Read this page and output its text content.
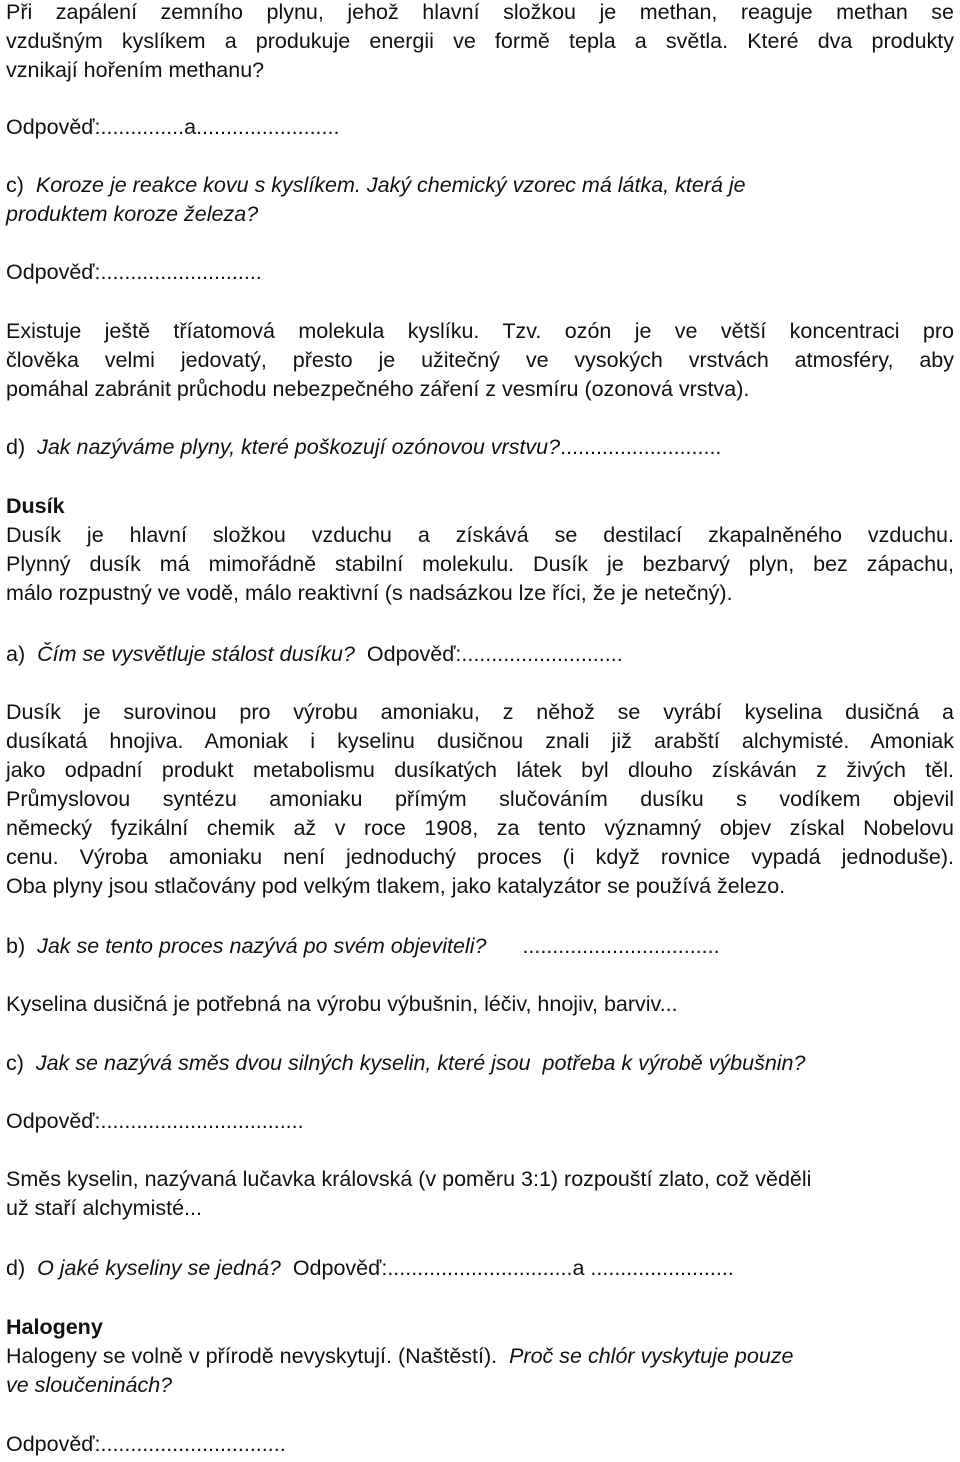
Při zapálení zemního plynu, jehož hlavní složkou je methan, reaguje methan se
vzdušným kyslíkem a produkuje energii ve formě tepla a světla. Které dva produkty
vznikají hořením methanu?
Odpověď:..............a........................
c) Koroze je reakce kovu s kyslíkem. Jaký chemický vzorec má látka, která je
produktem koroze železa?
Odpověď:...........................
Existuje ještě tříatomová molekula kyslíku. Tzv. ozón je ve větší koncentraci pro
člověka velmi jedovatý, přesto je užitečný ve vysokých vrstvách atmosféry, aby
pomáhal zabránit průchodu nebezpečného záření z vesmíru (ozonová vrstva).
d) Jak nazýváme plyny, které poškozují ozónovou vrstvu?...........................
Dusík
Dusík je hlavní složkou vzduchu a získává se destilací zkapalněného vzduchu.
Plynný dusík má mimořádně stabilní molekulu. Dusík je bezbarvý plyn, bez zápachu,
málo rozpustný ve vodě, málo reaktivní (s nadsázkou lze říci, že je netečný).
a) Čím se vysvětluje stálost dusíku? Odpověď:...........................
Dusík je surovinou pro výrobu amoniaku, z něhož se vyrábí kyselina dusičná a
dusíkatá hnojiva. Amoniak i kyselinu dusičnou znali již arabští alchymisté. Amoniak
jako odpadní produkt metabolismu dusíkatých látek byl dlouho získáván z živých těl.
Průmyslovou syntézu amoniaku přímým slučováním dusíku s vodíkem objevil
německý fyzikální chemik až v roce 1908, za tento významný objev získal Nobelovu
cenu. Výroba amoniaku není jednoduchý proces (i když rovnice vypadá jednoduše).
Oba plyny jsou stlačovány pod velkým tlakem, jako katalyzátor se používá železo.
b) Jak se tento proces nazývá po svém objeviteli? .................................
Kyselina dusičná je potřebná na výrobu výbušnin, léčiv, hnojiv, barviv...
c) Jak se nazývá směs dvou silných kyselin, které jsou  potřeba k výrobě výbušnin?
Odpověď:..................................
Směs kyselin, nazývaná lučavka královská (v poměru 3:1) rozpouští zlato, což věděli
už staří alchymisté...
d) O jaké kyseliny se jedná? Odpověď:...............................a ........................
Halogeny
Halogeny se volně v přírodě nevyskytují. (Naštěstí). Proč se chlór vyskytuje pouze
ve sloučeninách?
Odpověď:...............................
